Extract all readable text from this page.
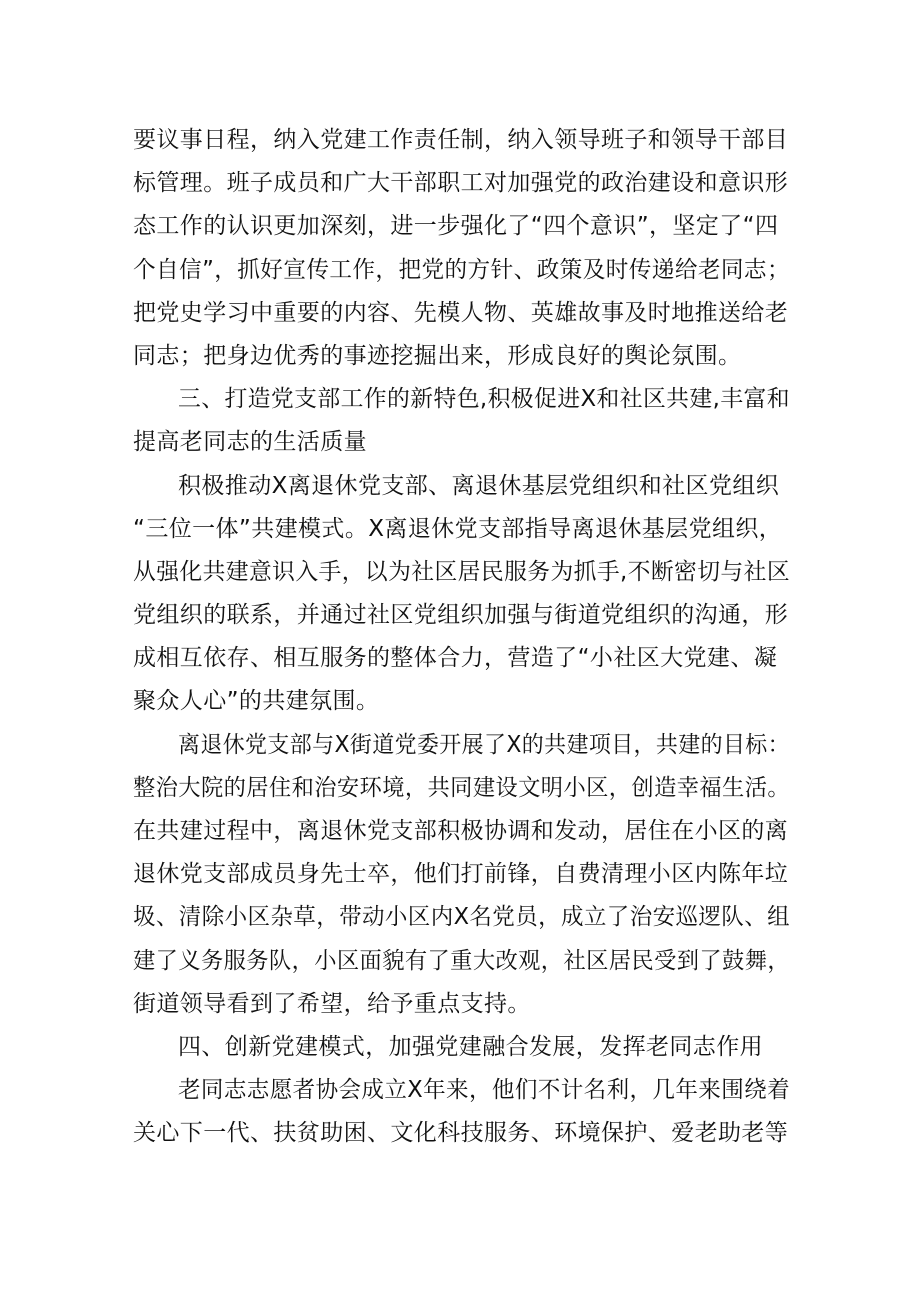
要议事日程，纳入党建工作责任制，纳入领导班子和领导干部目
标管理。班子成员和广大干部职工对加强党的政治建设和意识形
态工作的认识更加深刻，进一步强化了“四个意识”，坚定了“四
个自信”，抓好宣传工作，把党的方针、政策及时传递给老同志；
把党史学习中重要的内容、先模人物、英雄故事及时地推送给老
同志；把身边优秀的事迹挖掘出来，形成良好的舆论氛围。
三、打造党支部工作的新特色,积极促进X和社区共建,丰富和
提高老同志的生活质量
积极推动X离退休党支部、离退休基层党组织和社区党组织
“三位一体”共建模式。X离退休党支部指导离退休基层党组织，
从强化共建意识入手，以为社区居民服务为抓手,不断密切与社区
党组织的联系，并通过社区党组织加强与街道党组织的沟通，形
成相互依存、相互服务的整体合力，营造了“小社区大党建、凝
聚众人心”的共建氛围。
离退休党支部与X街道党委开展了X的共建项目，共建的目标：
整治大院的居住和治安环境，共同建设文明小区，创造幸福生活。
在共建过程中，离退休党支部积极协调和发动，居住在小区的离
退休党支部成员身先士卒，他们打前锋，自费清理小区内陈年垃
圾、清除小区杂草，带动小区内X名党员，成立了治安巡逻队、组
建了义务服务队，小区面貌有了重大改观，社区居民受到了鼓舞，
街道领导看到了希望，给予重点支持。
四、创新党建模式，加强党建融合发展，发挥老同志作用
老同志志愿者协会成立X年来，他们不计名利，几年来围绕着
关心下一代、扶贫助困、文化科技服务、环境保护、爱老助老等
